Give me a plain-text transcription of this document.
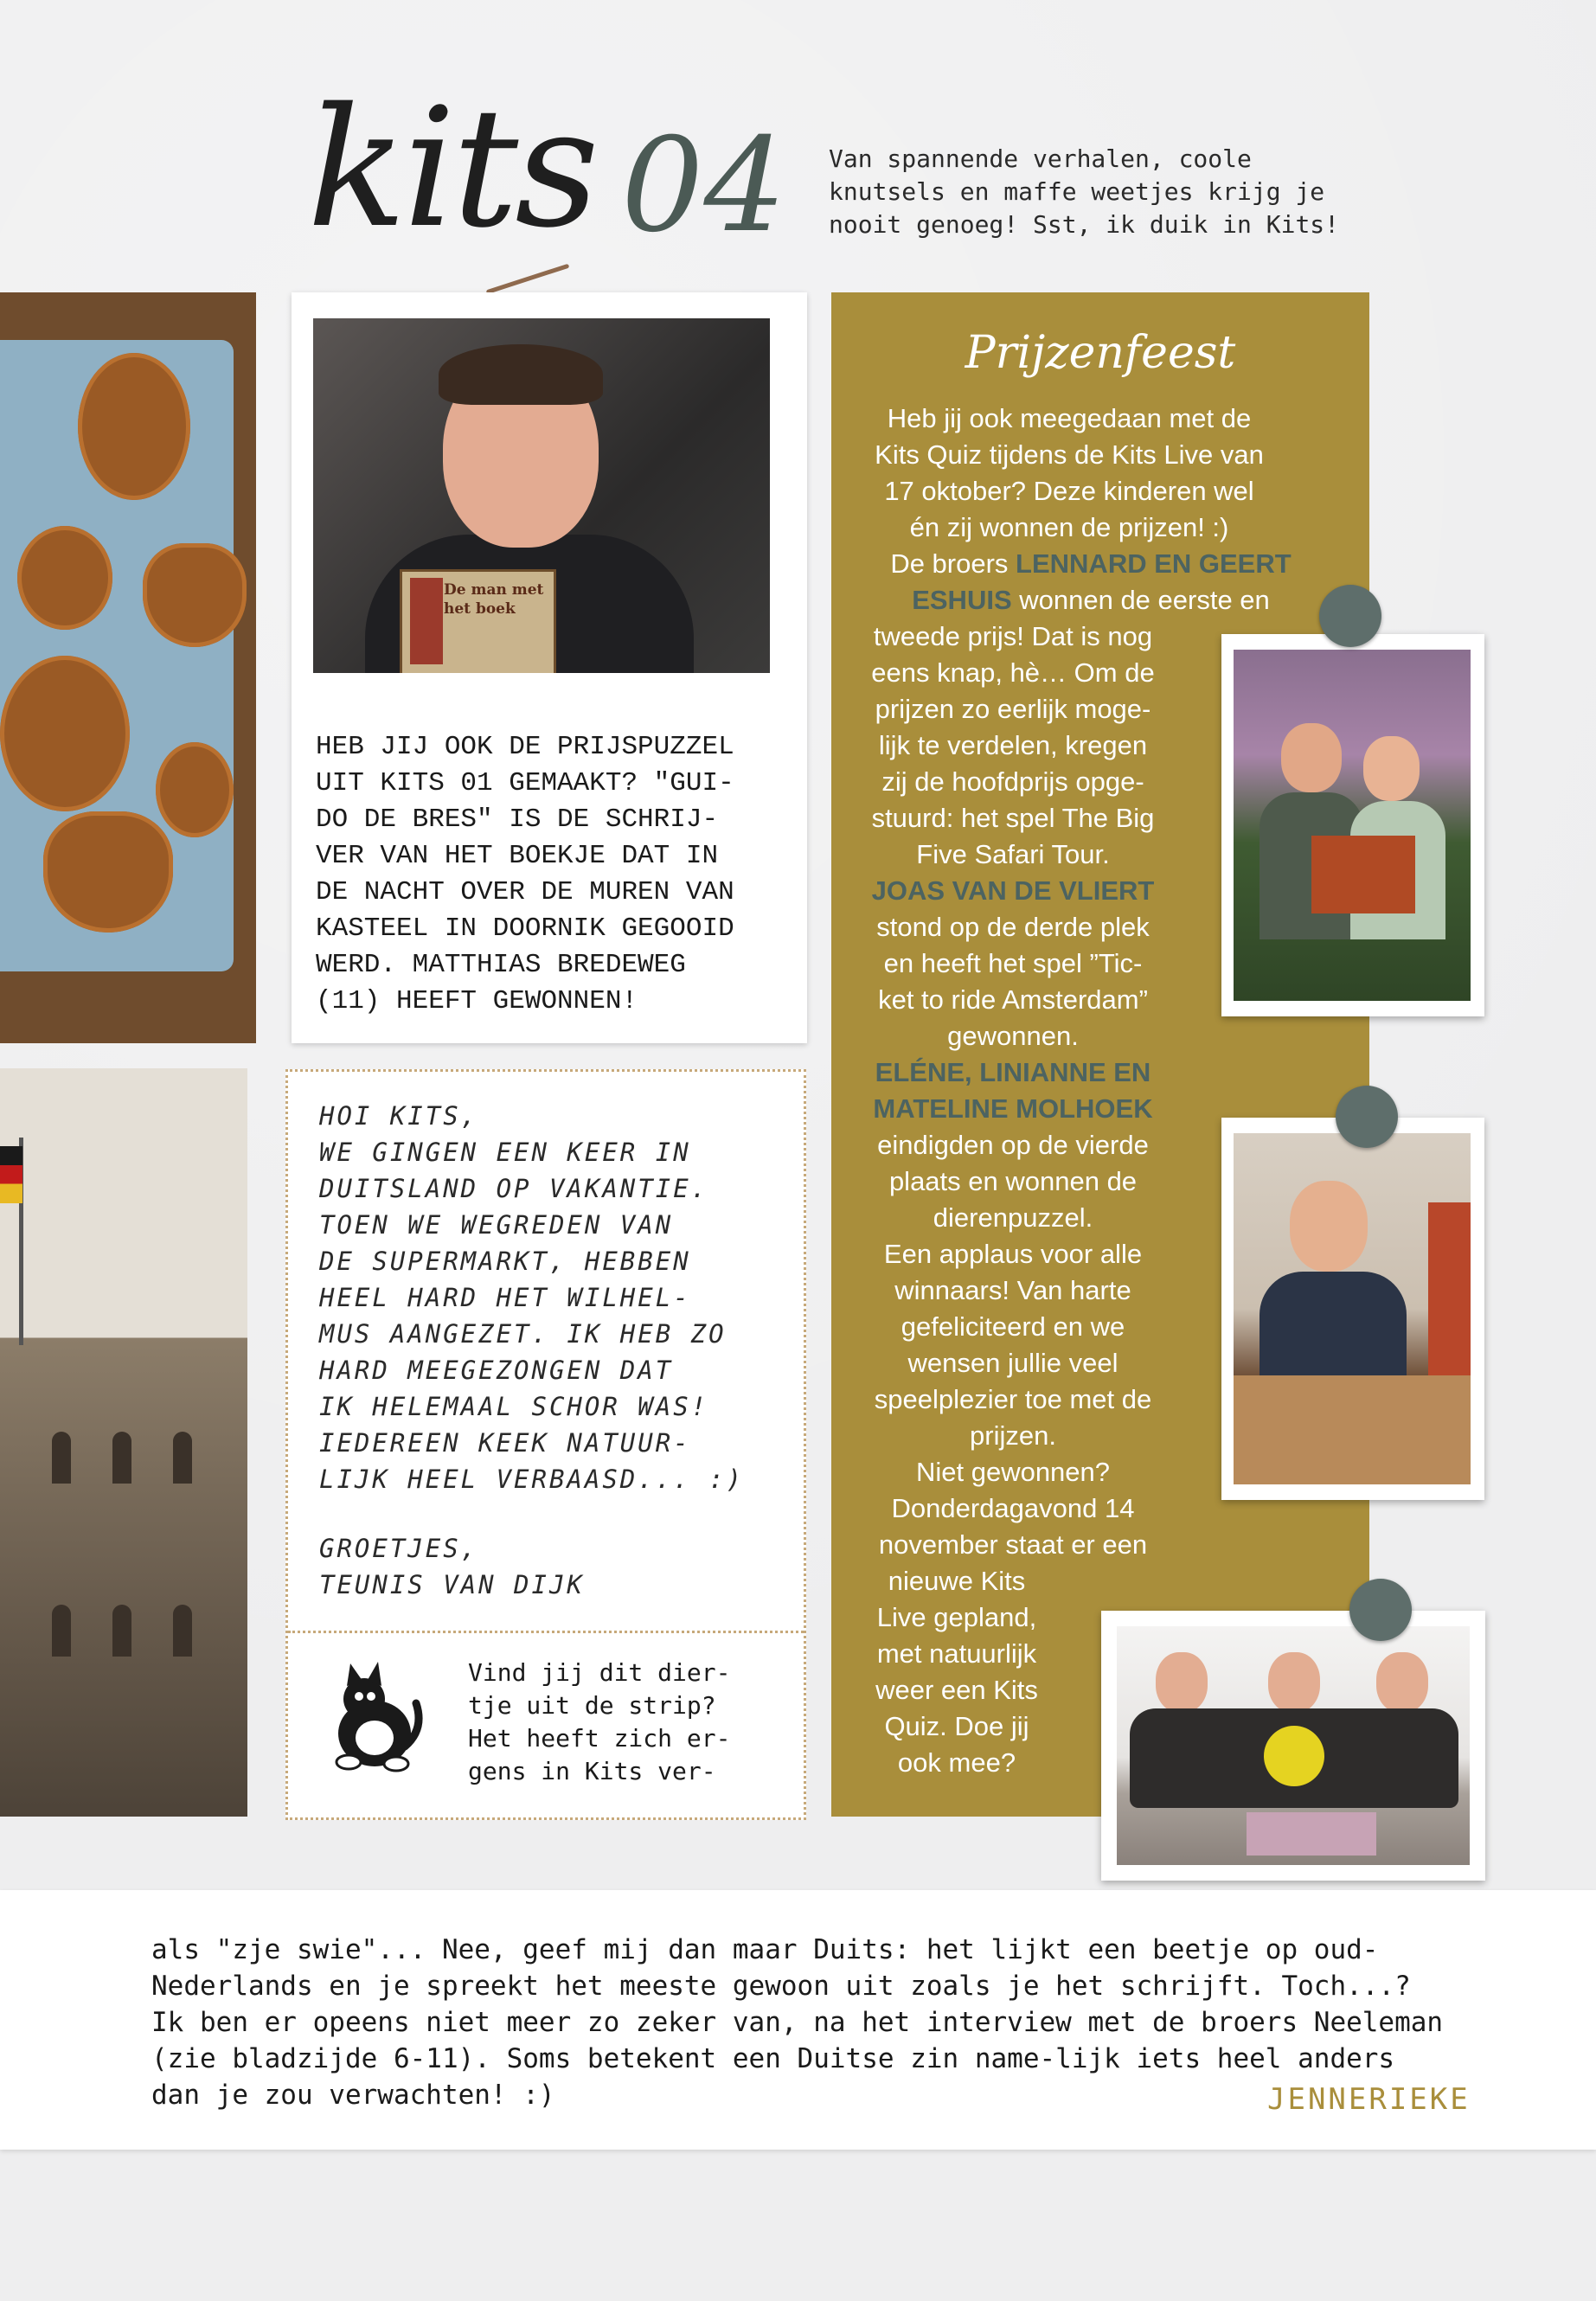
kits 04 Van spannende verhalen, coole knutsels en maffe weetjes krijg je nooit genoeg! Sst, ik duik in Kits!
De man met het boek
HEB JIJ OOK DE PRIJSPUZZEL UIT KITS 01 GEMAAKT? "GUI-
DO DE BRES" IS DE SCHRIJ-
VER VAN HET BOEKJE DAT IN
DE NACHT OVER DE MUREN VAN
KASTEEL IN DOORNIK GEGOOID
WERD. MATTHIAS BREDEWEG
(11) HEEFT GEWONNEN!
HOI KITS,
WE GINGEN EEN KEER IN
DUITSLAND OP VAKANTIE.
TOEN WE WEGREDEN VAN
DE SUPERMARKT, HEBBEN
HEEL HARD HET WILHEL-
MUS AANGEZET. IK HEB ZO
HARD MEEGEZONGEN DAT
IK HELEMAAL SCHOR WAS!
IEDEREEN KEEK NATUUR-
LIJK HEEL VERBAASD... :)
GROETJES,
TEUNIS VAN DIJK
Vind jij dit dier-
tje uit de strip?
Het heeft zich er-
gens in Kits ver-
Prijzenfeest
Heb jij ook meegedaan met de Kits Quiz tijdens de Kits Live van 17 oktober? Deze kinderen wel én zij wonnen de prijzen! :)
De broers LENNARD EN GEERT
ESHUIS wonnen de eerste en
tweede prijs! Dat is nog
eens knap, hè… Om de
prijzen zo eerlijk moge-
lijk te verdelen, kregen
zij de hoofdprijs opge-
stuurd: het spel The Big
Five Safari Tour.
JOAS VAN DE VLIERT
stond op de derde plek
en heeft het spel ”Tic-
ket to ride Amsterdam”
gewonnen.
ELÉNE, LINIANNE EN
MATELINE MOLHOEK
eindigden op de vierde
plaats en wonnen de
dierenpuzzel.
Een applaus voor alle
winnaars! Van harte
gefeliciteerd en we
wensen jullie veel
speelplezier toe met de
prijzen.
Niet gewonnen?
Donderdagavond 14
november staat er een
nieuwe Kits
Live gepland,
met natuurlijk
weer een Kits
Quiz. Doe jij
ook mee?
als "zje swie"... Nee, geef mij dan maar Duits: het lijkt een beetje op oud-Nederlands en je spreekt het meeste gewoon uit zoals je het schrijft. Toch...? Ik ben er opeens niet meer zo zeker van, na het interview met de broers Neeleman (zie bladzijde 6-11). Soms betekent een Duitse zin name-lijk iets heel anders dan je zou verwachten! :)	JENNERIEKE
